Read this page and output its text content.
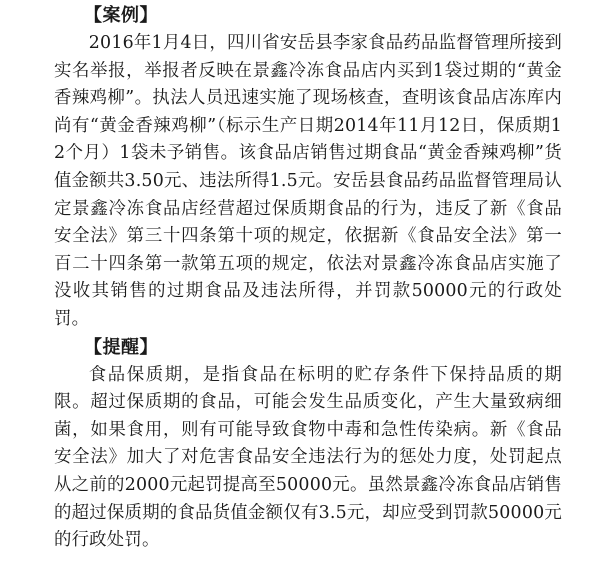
【案例】

2016年1月4日，四川省安岳县李家食品药品监督管理所接到实名举报，举报者反映在景鑫冷冻食品店内买到1袋过期的“黄金香辣鸡柳”。执法人员迅速实施了现场核查，查明该食品店冻库内尚有“黄金香辣鸡柳”（标示生产日期2014年11月12日，保质期12个月）1袋未予销售。该食品店销售过期食品“黄金香辣鸡柳”货值金额共3.50元、违法所得1.5元。安岳县食品药品监督管理局认定景鑫冷冻食品店经营超过保质期食品的行为，违反了新《食品安全法》第三十四条第十项的规定，依据新《食品安全法》第一百二十四条第一款第五项的规定，依法对景鑫冷冻食品店实施了没收其销售的过期食品及违法所得，并罚款50000元的行政处罚。

【提醒】

食品保质期，是指食品在标明的贮存条件下保持品质的期限。超过保质期的食品，可能会发生品质变化，产生大量致病细菌，如果食用，则有可能导致食物中毒和急性传染病。新《食品安全法》加大了对危害食品安全违法行为的惩处力度，处罚起点从之前的2000元起罚提高至50000元。虽然景鑫冷冻食品店销售的超过保质期的食品货值金额仅有3.5元，却应受到罚款50000元的行政处罚。
